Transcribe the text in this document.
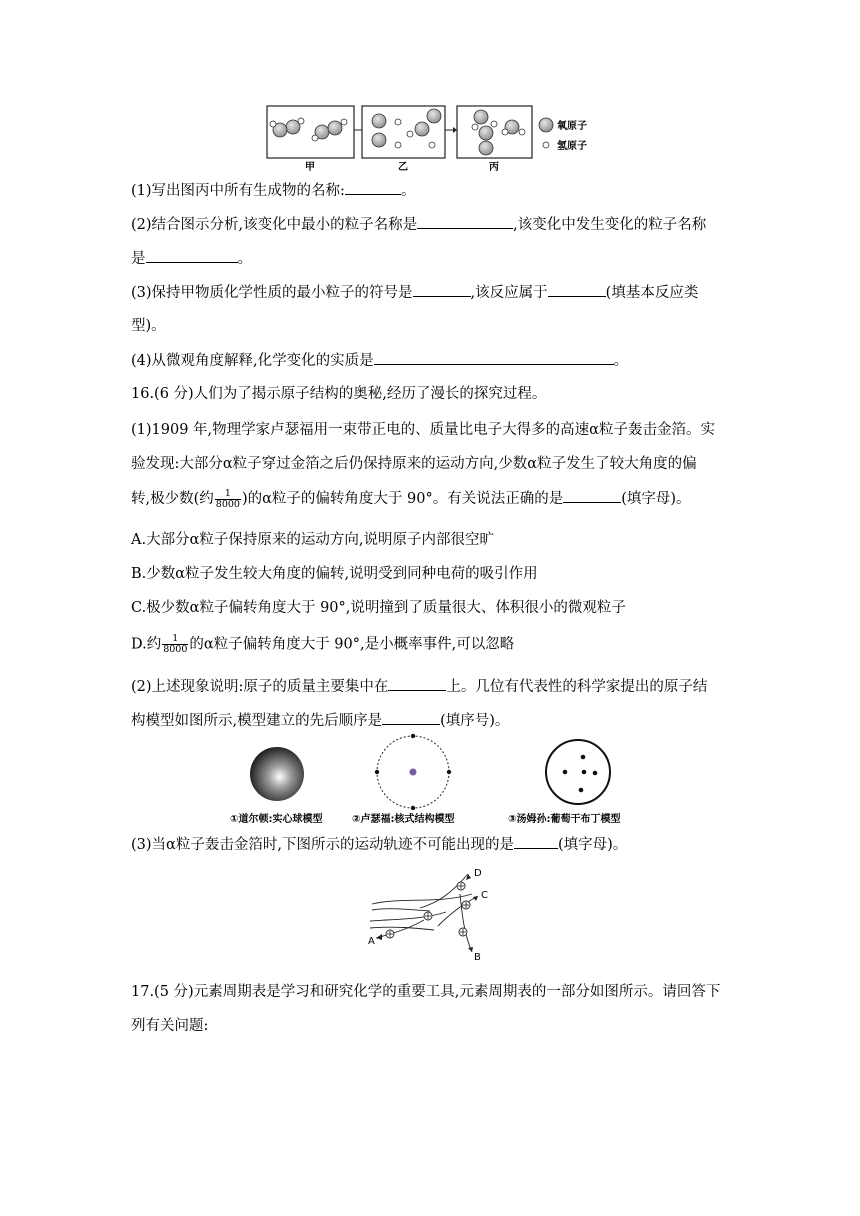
甲	乙	丙
氧原子
氢原子
(1)写出图丙中所有生成物的名称:	。
(2)结合图示分析,该变化中最小的粒子名称是	,该变化中发生变化的粒子名称
是	。
(3)保持甲物质化学性质的最小粒子的符号是	,该反应属于	(填基本反应类
型)。
(4)从微观角度解释,化学变化的实质是	。
16.(6 分)人们为了揭示原子结构的奥秘,经历了漫长的探究过程。
(1)1909 年,物理学家卢瑟福用一束带正电的、质量比电子大得多的高速α粒子轰击金箔。实
验发现:大部分α粒子穿过金箔之后仍保持原来的运动方向,少数α粒子发生了较大角度的偏
转,极少数(约 $\frac{1}{8000}$ )的α粒子的偏转角度大于 90°。有关说法正确的是	(填字母)。
A.大部分α粒子保持原来的运动方向,说明原子内部很空旷
B.少数α粒子发生较大角度的偏转,说明受到同种电荷的吸引作用
C.极少数α粒子偏转角度大于 90°,说明撞到了质量很大、体积很小的微观粒子
D.约 $\frac{1}{8000}$ 的α粒子偏转角度大于 90°,是小概率事件,可以忽略
(2)上述现象说明:原子的质量主要集中在	上。几位有代表性的科学家提出的原子结
构模型如图所示,模型建立的先后顺序是	(填序号)。
①道尔顿:实心球模型	②卢瑟福:核式结构模型	③汤姆孙:葡萄干布丁模型
(3)当α粒子轰击金箔时,下图所示的运动轨迹不可能出现的是	(填字母)。
A
B
C
D
17.(5 分)元素周期表是学习和研究化学的重要工具,元素周期表的一部分如图所示。请回答下
列有关问题:
